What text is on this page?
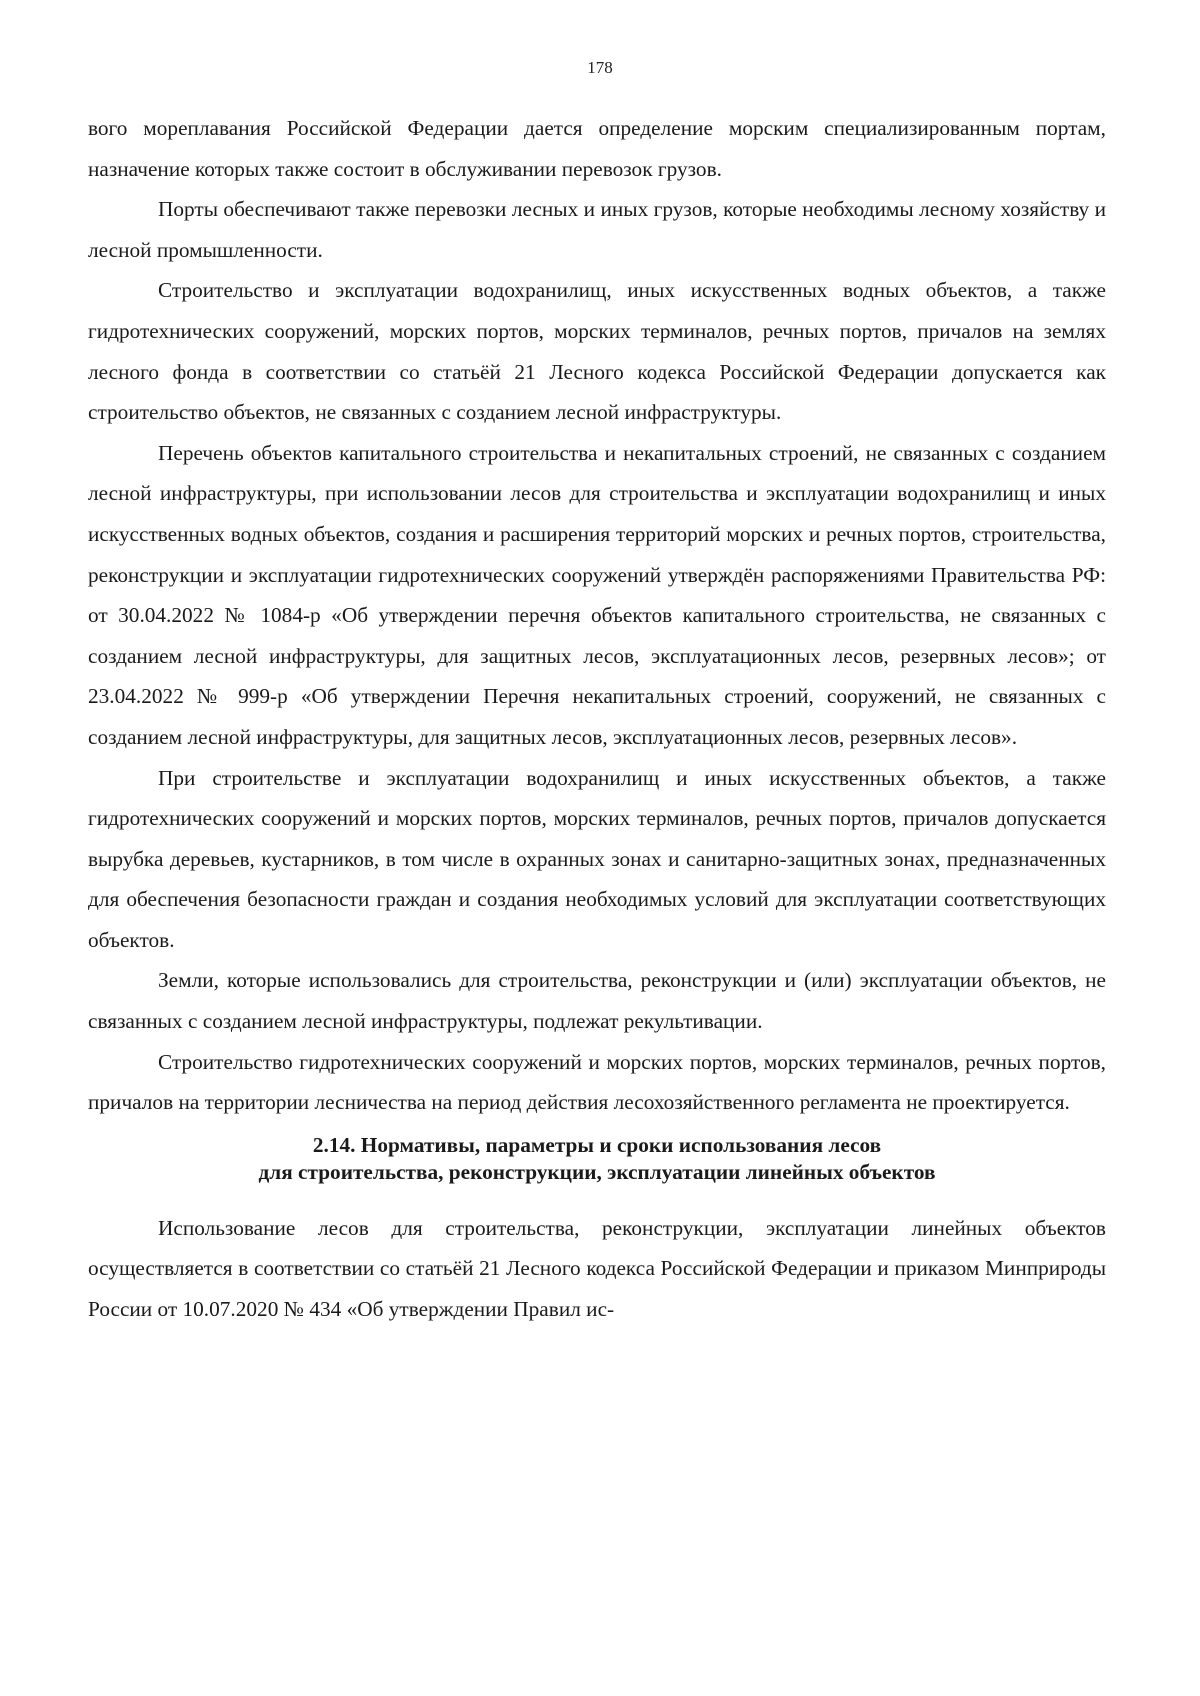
178

вого мореплавания Российской Федерации дается определение морским специализированным портам, назначение которых также состоит в обслуживании перевозок грузов.

Порты обеспечивают также перевозки лесных и иных грузов, которые необходимы лесному хозяйству и лесной промышленности.

Строительство и эксплуатации водохранилищ, иных искусственных водных объектов, а также гидротехнических сооружений, морских портов, морских терминалов, речных портов, причалов на землях лесного фонда в соответствии со статьёй 21 Лесного кодекса Российской Федерации допускается как строительство объектов, не связанных с созданием лесной инфраструктуры.

Перечень объектов капитального строительства и некапитальных строений, не связанных с созданием лесной инфраструктуры, при использовании лесов для строительства и эксплуатации водохранилищ и иных искусственных водных объектов, создания и расширения территорий морских и речных портов, строительства, реконструкции и эксплуатации гидротехнических сооружений утверждён распоряжениями Правительства РФ: от 30.04.2022 № 1084-р «Об утверждении перечня объектов капитального строительства, не связанных с созданием лесной инфраструктуры, для защитных лесов, эксплуатационных лесов, резервных лесов»; от 23.04.2022 № 999-р «Об утверждении Перечня некапитальных строений, сооружений, не связанных с созданием лесной инфраструктуры, для защитных лесов, эксплуатационных лесов, резервных лесов».

При строительстве и эксплуатации водохранилищ и иных искусственных объектов, а также гидротехнических сооружений и морских портов, морских терминалов, речных портов, причалов допускается вырубка деревьев, кустарников, в том числе в охранных зонах и санитарно-защитных зонах, предназначенных для обеспечения безопасности граждан и создания необходимых условий для эксплуатации соответствующих объектов.

Земли, которые использовались для строительства, реконструкции и (или) эксплуатации объектов, не связанных с созданием лесной инфраструктуры, подлежат рекультивации.

Строительство гидротехнических сооружений и морских портов, морских терминалов, речных портов, причалов на территории лесничества на период действия лесохозяйственного регламента не проектируется.

2.14. Нормативы, параметры и сроки использования лесов
для строительства, реконструкции, эксплуатации линейных объектов

Использование лесов для строительства, реконструкции, эксплуатации линейных объектов осуществляется в соответствии со статьёй 21 Лесного кодекса Российской Федерации и приказом Минприроды России от 10.07.2020 № 434 «Об утверждении Правил ис-
